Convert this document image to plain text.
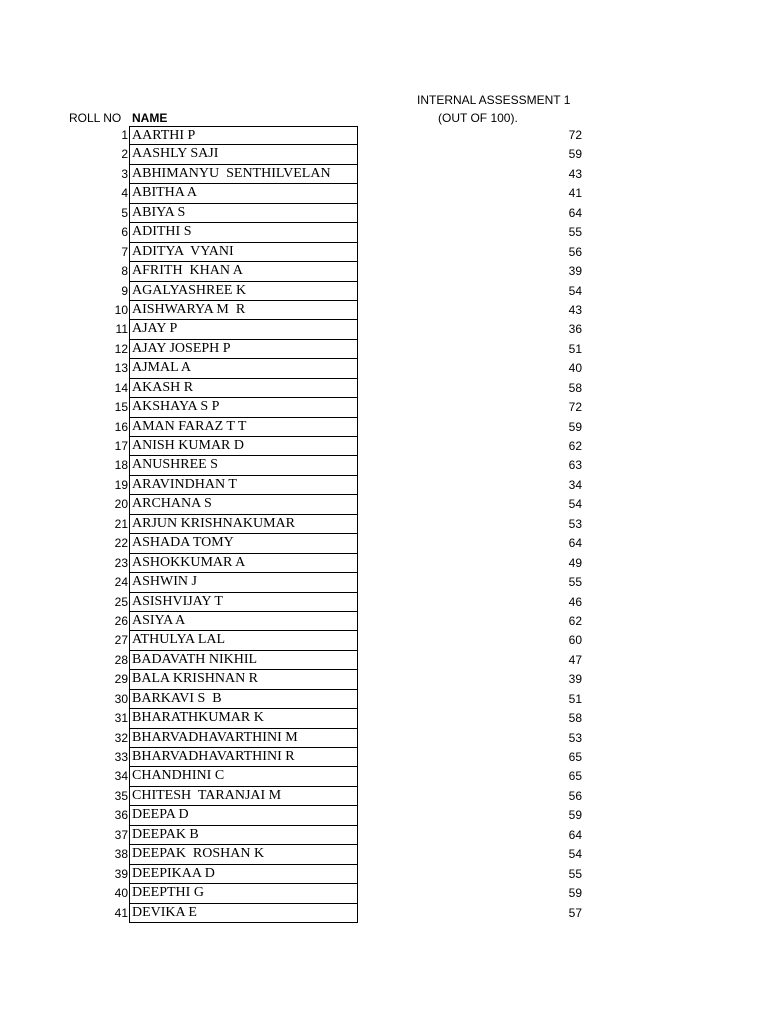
INTERNAL ASSESSMENT 1
(OUT OF 100).
ROLL NO NAME
1 AARTHI P	72
2 AASHLY SAJI	59
3 ABHIMANYU  SENTHILVELAN	43
4 ABITHA A	41
5 ABIYA S	64
6 ADITHI S	55
7 ADITYA  VYANI	56
8 AFRITH  KHAN A	39
9 AGALYASHREE K	54
10 AISHWARYA M  R	43
11 AJAY P	36
12 AJAY JOSEPH P	51
13 AJMAL A	40
14 AKASH R	58
15 AKSHAYA S P	72
16 AMAN FARAZ T T	59
17 ANISH KUMAR D	62
18 ANUSHREE S	63
19 ARAVINDHAN T	34
20 ARCHANA S	54
21 ARJUN KRISHNAKUMAR	53
22 ASHADA TOMY	64
23 ASHOKKUMAR A	49
24 ASHWIN J	55
25 ASISHVIJAY T	46
26 ASIYA A	62
27 ATHULYA LAL	60
28 BADAVATH NIKHIL	47
29 BALA KRISHNAN R	39
30 BARKAVI S  B	51
31 BHARATHKUMAR K	58
32 BHARVADHAVARTHINI M	53
33 BHARVADHAVARTHINI R	65
34 CHANDHINI C	65
35 CHITESH  TARANJAI M	56
36 DEEPA D	59
37 DEEPAK B	64
38 DEEPAK  ROSHAN K	54
39 DEEPIKAA D	55
40 DEEPTHI G	59
41 DEVIKA E	57
